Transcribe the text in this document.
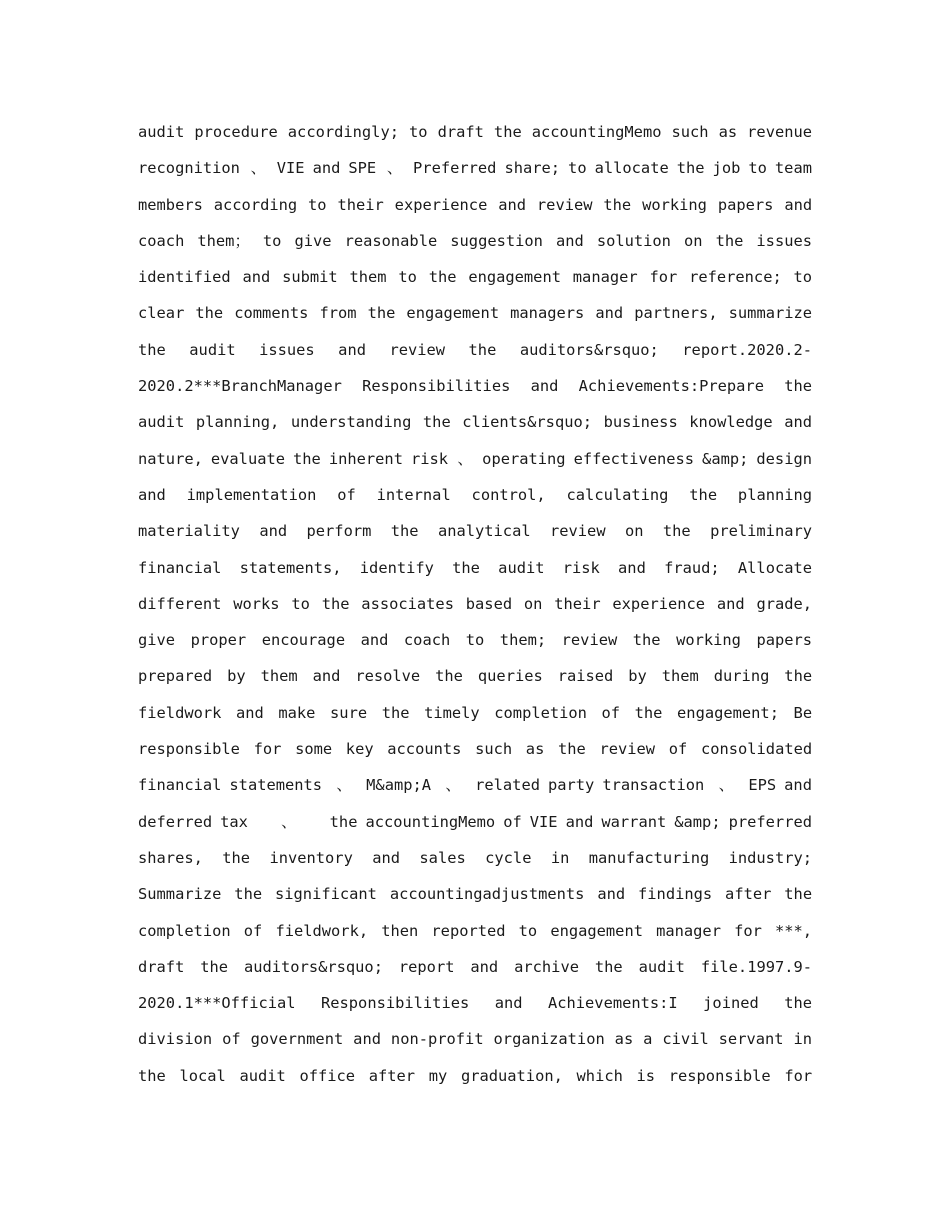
audit procedure accordingly; to draft the accountingMemo such as revenue
recognition、VIE and SPE、Preferred share; to allocate the job to team
members according to their experience and review the working papers and
coach them； to give reasonable suggestion and solution on the issues
identified and submit them to the engagement manager for reference; to
clear the comments from the engagement managers and partners, summarize
the audit issues and review the auditors&rsquo; report.2020.2-
2020.2***BranchManager Responsibilities and Achievements:Prepare the
audit planning, understanding the clients&rsquo; business knowledge and
nature, evaluate the inherent risk、operating effectiveness &amp; design
and implementation of internal control, calculating the planning
materiality and perform the analytical review on the preliminary
financial statements, identify the audit risk and fraud; Allocate
different works to the associates based on their experience and grade,
give proper encourage and coach to them; review the working papers
prepared by them and resolve the queries raised by them during the
fieldwork and make sure the timely completion of the engagement; Be
responsible for some key accounts such as the review of consolidated
financial statements 、 M&amp;A 、 related party transaction 、 EPS and
deferred tax 、 the accountingMemo of VIE and warrant &amp; preferred
shares, the inventory and sales cycle in manufacturing industry;
Summarize the significant accountingadjustments and findings after the
completion of fieldwork, then reported to engagement manager for ***,
draft the auditors&rsquo; report and archive the audit file.1997.9-
2020.1***Official Responsibilities and Achievements:I joined the
division of government and non-profit organization as a civil servant in
the local audit office after my graduation, which is responsible for
